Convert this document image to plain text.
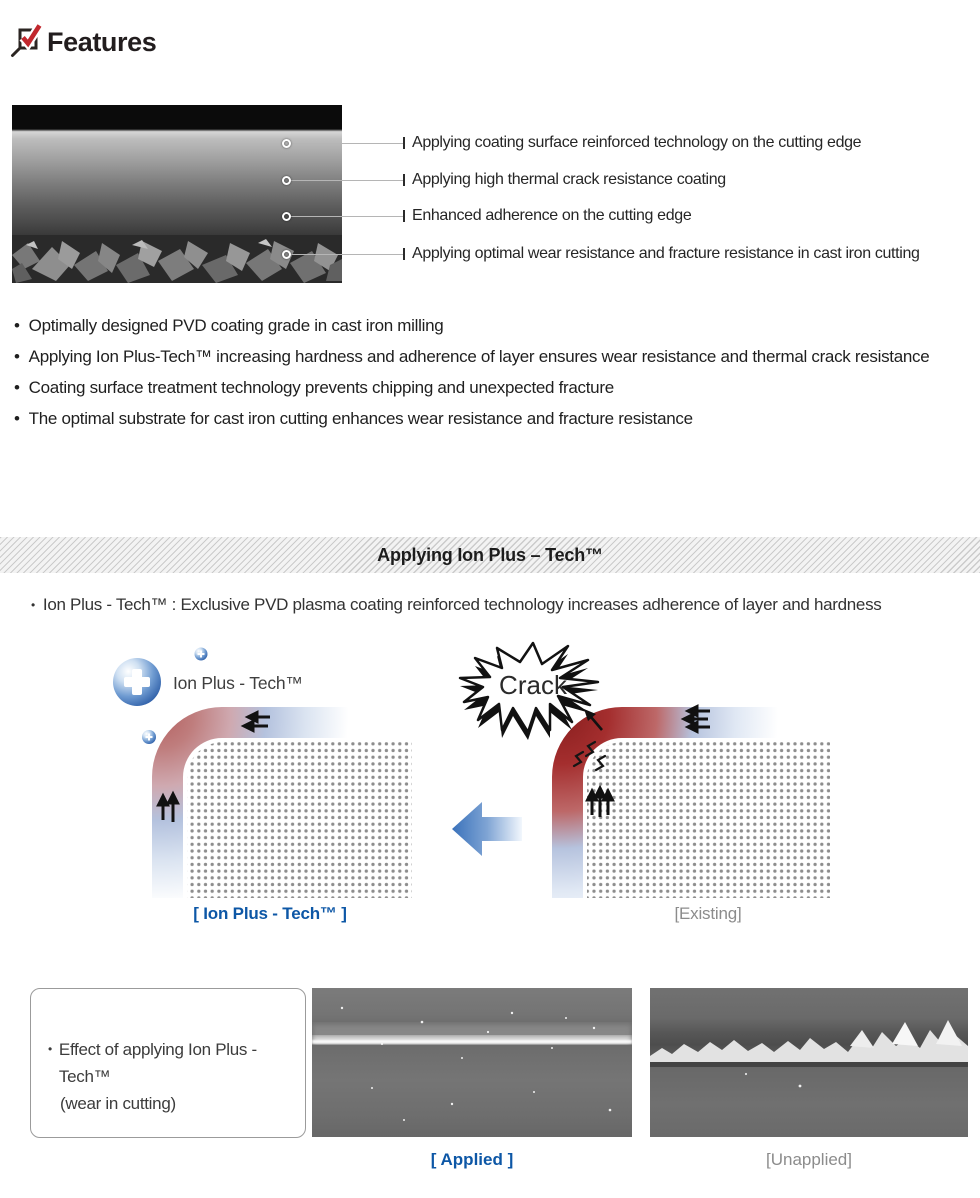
Features
Applying coating surface reinforced technology on the cutting edge
Applying high thermal crack resistance coating
Enhanced adherence on the cutting edge
Applying optimal wear resistance and fracture resistance in cast iron cutting
• Optimally designed PVD coating grade in cast iron milling
• Applying Ion Plus-Tech™ increasing hardness and adherence of layer ensures wear resistance and thermal crack resistance
• Coating surface treatment technology prevents chipping and unexpected fracture
• The optimal substrate for cast iron cutting enhances wear resistance and fracture resistance
Applying Ion Plus – Tech™
• Ion Plus - Tech™ : Exclusive PVD plasma coating reinforced technology increases adherence of layer and hardness
Ion Plus - Tech™	Crack
[ Ion Plus - Tech™ ]	[Existing]
• Effect of applying Ion Plus - Tech™
(wear in cutting)
[ Applied ]	[Unapplied]
